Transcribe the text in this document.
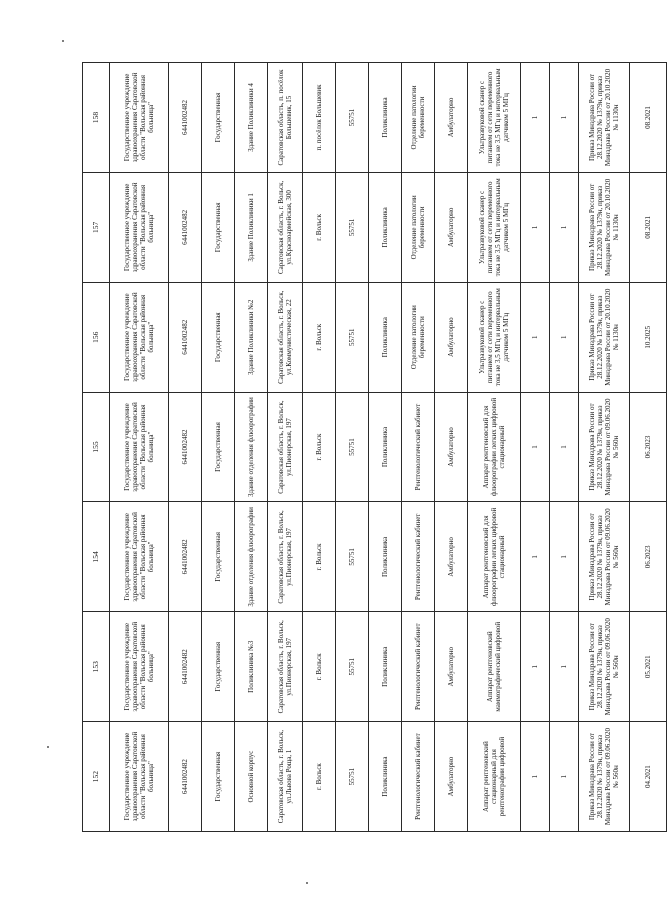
152	153	154	155	156	157	158
Государственное учреждение здравоохранения Саратовской области "Вольская районная больница"	Государственное учреждение здравоохранения Саратовской области "Вольская районная больница"	Государственное учреждение здравоохранения Саратовской области "Вольская районная больница"	Государственное учреждение здравоохранения Саратовской области "Вольская районная больница"	Государственное учреждение здравоохранения Саратовской области "Вольская районная больница"	Государственное учреждение здравоохранения Саратовской области "Вольская районная больница"	Государственное учреждение здравоохранения Саратовской области "Вольская районная больница"
6441002482	6441002482	6441002482	6441002482	6441002482	6441002482	6441002482
Государственная	Государственная	Государственная	Государственная	Государственная	Государственная	Государственная
Основной корпус	Поликлиника №3	Здание отделения флюорографии	Здание отделения флюорографии	Здание Поликлиники №2	Здание Поликлиники 1	Здание Поликлиники 4
Саратовская область, г. Вольск, ул.Львова Роща, 1	Саратовская область, г. Вольск, ул.Пионерская, 197	Саратовская область, г. Вольск, ул.Пионерская, 197	Саратовская область, г. Вольск, ул.Пионерская, 197	Саратовская область, г. Вольск, ул.Коммунистическая, 22	Саратовская область, г. Вольск, ул.Красноармейская, 300	Саратовская область, п. посёлок Большевик, 15
г. Вольск	г. Вольск	г. Вольск	г. Вольск	г. Вольск	г. Вольск	п. посёлок Большевик
55751	55751	55751	55751	55751	55751	55751
Поликлиника	Поликлиника	Поликлиника	Поликлиника	Поликлиника	Поликлиника	Поликлиника
Рентгенологический кабинет	Рентгенологический кабинет	Рентгенологический кабинет	Рентгенологический кабинет	Отделение патологии беременности	Отделение патологии беременности	Отделение патологии беременности
Амбулаторно	Амбулаторно	Амбулаторно	Амбулаторно	Амбулаторно	Амбулаторно	Амбулаторно
Аппарат рентгеновский стационарный для рентгенографии цифровой	Аппарат рентгеновский маммографический цифровой	Аппарат рентгеновский для флюорографии легких цифровой стационарный	Аппарат рентгеновский для флюорографии легких цифровой стационарный	Ультразвуковой сканер с питанием от сети переменного тока не 3,5 МГц и интервальным датчиком 5 МГц	Ультразвуковой сканер с питанием от сети переменного тока не 3,5 МГц и интервальным датчиком 5 МГц	Ультразвуковой сканер с питанием от сети переменного тока не 3,5 МГц и интервальным датчиком 5 МГц
1	1	1	1	1	1	1
1	1	1	1	1	1	1
Приказ Минздрава России от 28.12.2020 № 1379н, приказ Минздрава России от 09.06.2020 № 560н	Приказ Минздрава России от 28.12.2020 № 1379н, приказ Минздрава России от 09.06.2020 № 560н	Приказ Минздрава России от 28.12.2020 № 1379н, приказ Минздрава России от 09.06.2020 № 560н	Приказ Минздрава России от 28.12.2020 № 1379н, приказ Минздрава России от 09.06.2020 № 560н	Приказ Минздрава России от 28.12.2020 № 1379н, приказ Минздрава России от 20.10.2020 № 1130н	Приказ Минздрава России от 28.12.2020 № 1379н, приказ Минздрава России от 20.10.2020 № 1130н	Приказ Минздрава России от 28.12.2020 № 1379н, приказ Минздрава России от 20.10.2020 № 1130н
04.2021	05.2021	06.2023	06.2023	10.2025	08.2021	08.2021
